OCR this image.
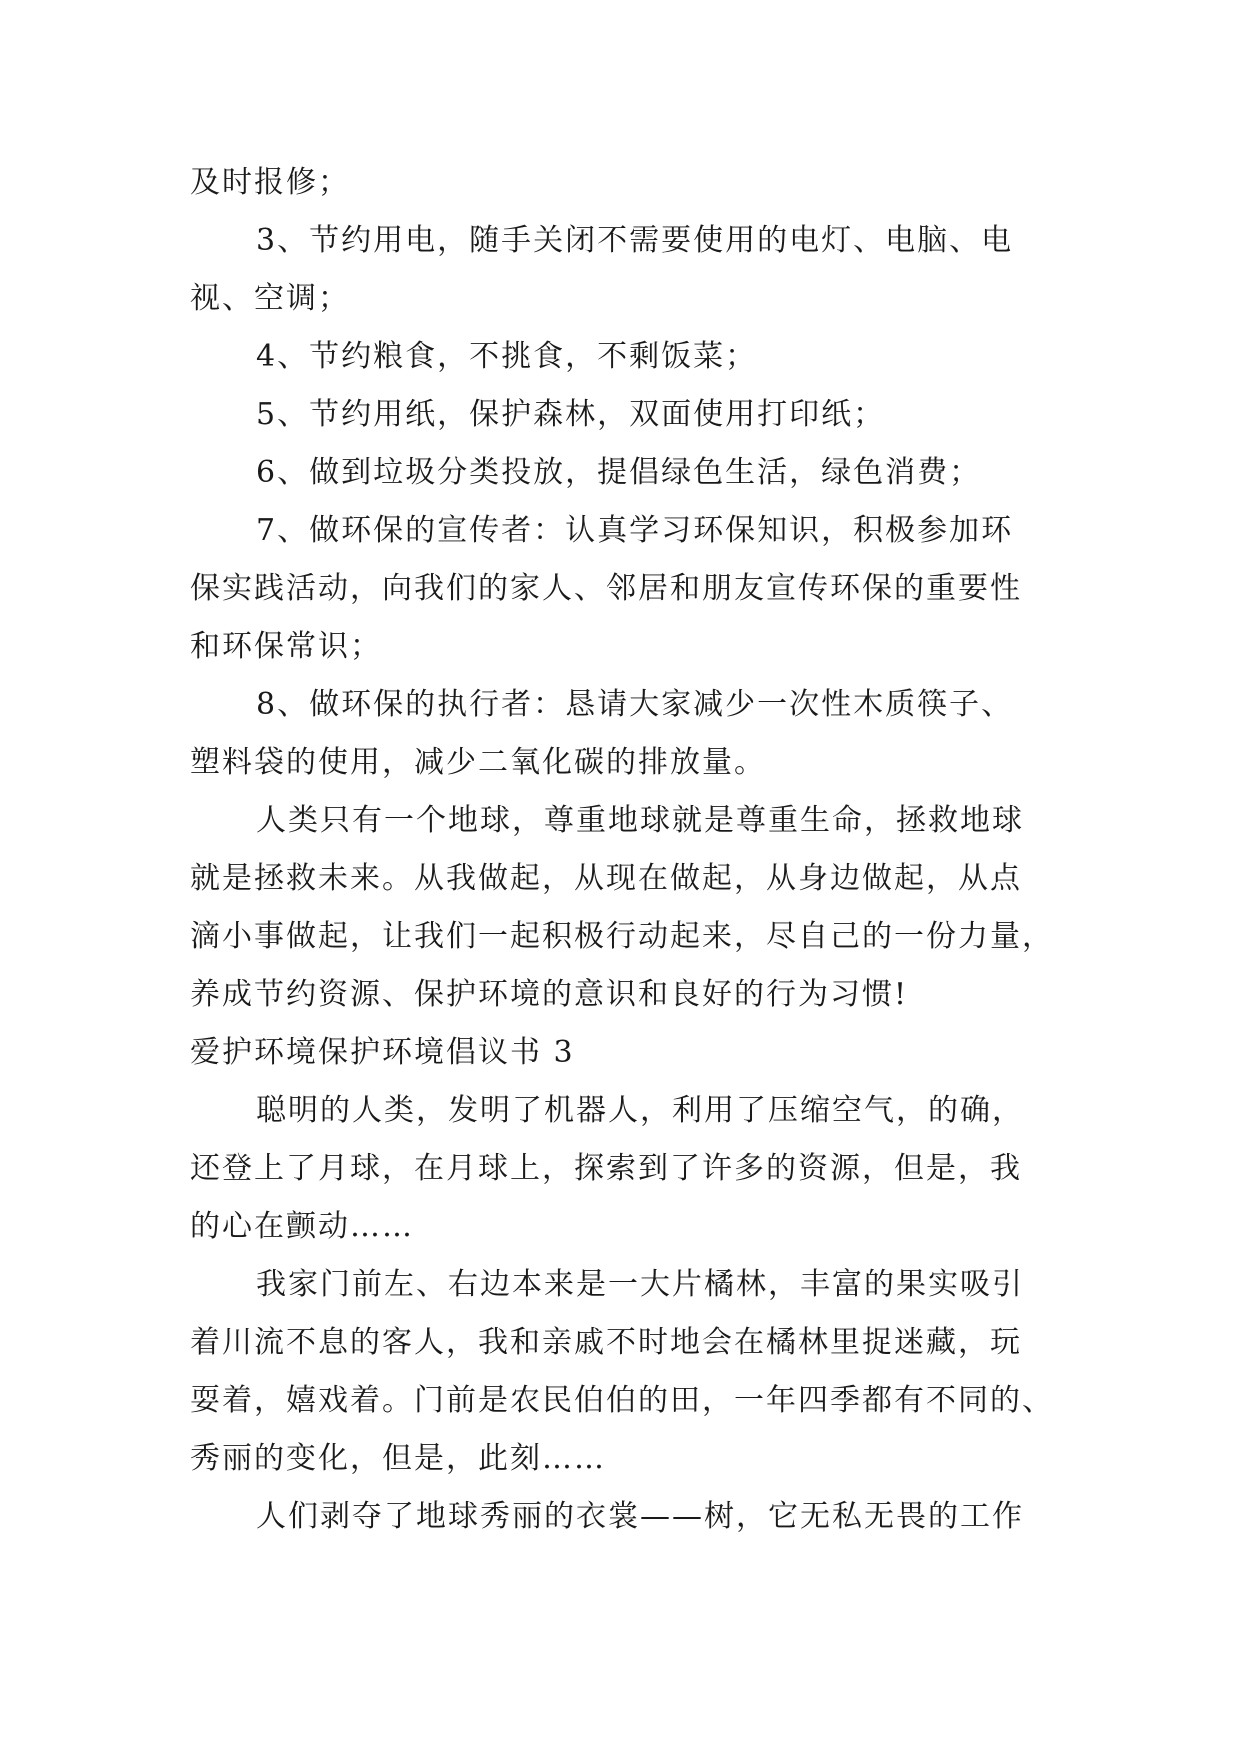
及时报修；
3、节约用电，随手关闭不需要使用的电灯、电脑、电
视、空调；
4、节约粮食，不挑食，不剩饭菜；
5、节约用纸，保护森林，双面使用打印纸；
6、做到垃圾分类投放，提倡绿色生活，绿色消费；
7、做环保的宣传者：认真学习环保知识，积极参加环
保实践活动，向我们的家人、邻居和朋友宣传环保的重要性
和环保常识；
8、做环保的执行者：恳请大家减少一次性木质筷子、
塑料袋的使用，减少二氧化碳的排放量。
人类只有一个地球，尊重地球就是尊重生命，拯救地球
就是拯救未来。从我做起，从现在做起，从身边做起，从点
滴小事做起，让我们一起积极行动起来，尽自己的一份力量，
养成节约资源、保护环境的意识和良好的行为习惯!
爱护环境保护环境倡议书 3
聪明的人类，发明了机器人，利用了压缩空气，的确，
还登上了月球，在月球上，探索到了许多的资源，但是，我
的心在颤动……
我家门前左、右边本来是一大片橘林，丰富的果实吸引
着川流不息的客人，我和亲戚不时地会在橘林里捉迷藏，玩
耍着，嬉戏着。门前是农民伯伯的田，一年四季都有不同的、
秀丽的变化，但是，此刻……
人们剥夺了地球秀丽的衣裳——树，它无私无畏的工作
